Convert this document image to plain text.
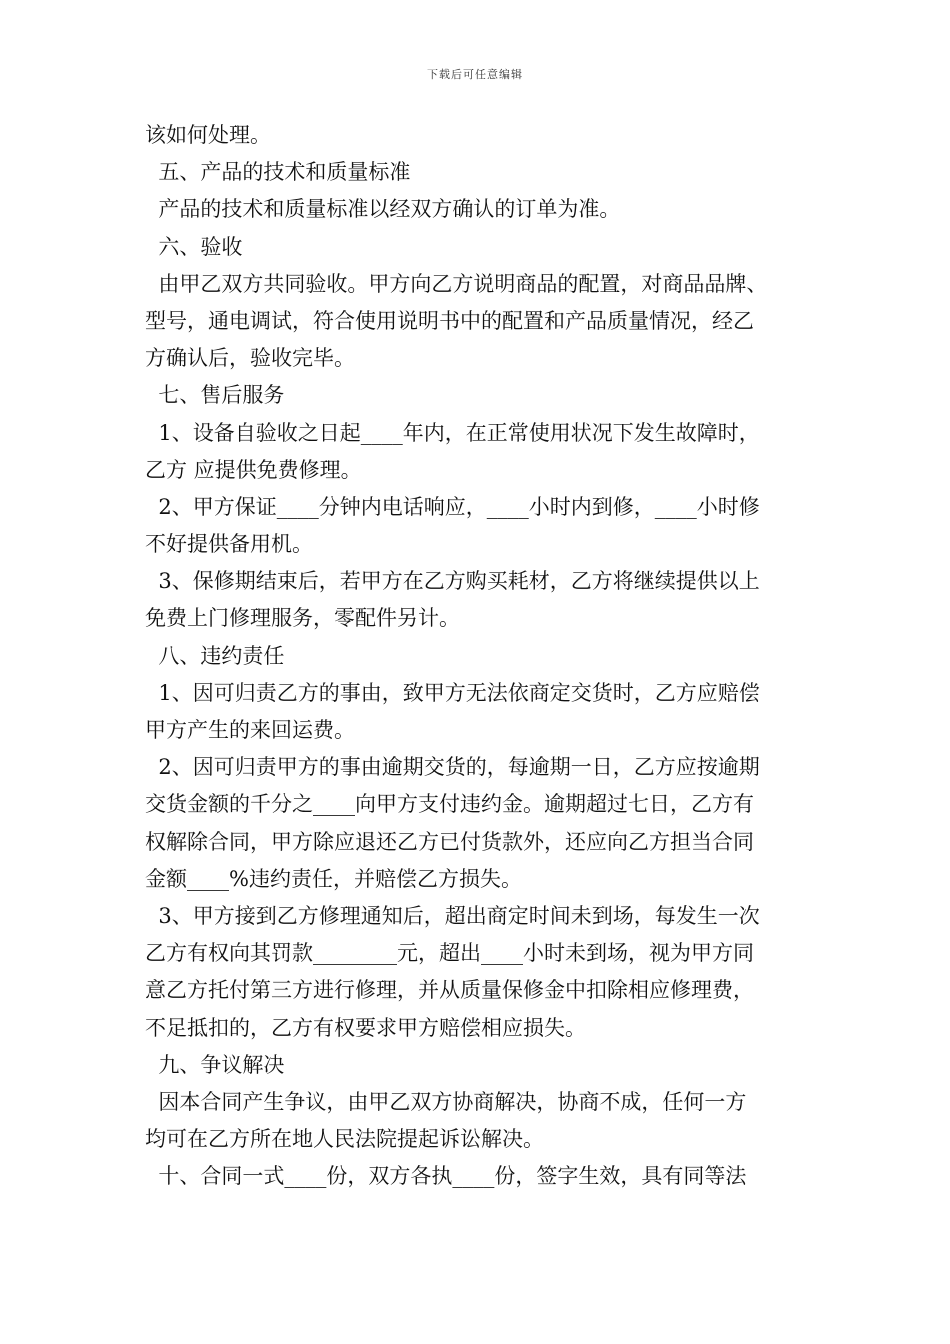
下载后可任意编辑
该如何处理。
五、产品的技术和质量标准
产品的技术和质量标准以经双方确认的订单为准。
六、验收
由甲乙双方共同验收。甲方向乙方说明商品的配置，对商品品牌、
型号，通电调试，符合使用说明书中的配置和产品质量情况，经乙
方确认后，验收完毕。
七、售后服务
1、设备自验收之日起____年内，在正常使用状况下发生故障时，
乙方 应提供免费修理。
2、甲方保证____分钟内电话响应，____小时内到修，____小时修
不好提供备用机。
3、保修期结束后，若甲方在乙方购买耗材，乙方将继续提供以上
免费上门修理服务，零配件另计。
八、违约责任
1、因可归责乙方的事由，致甲方无法依商定交货时，乙方应赔偿
甲方产生的来回运费。
2、因可归责甲方的事由逾期交货的，每逾期一日，乙方应按逾期
交货金额的千分之____向甲方支付违约金。逾期超过七日，乙方有
权解除合同，甲方除应退还乙方已付货款外，还应向乙方担当合同
金额____%违约责任，并赔偿乙方损失。
3、甲方接到乙方修理通知后，超出商定时间未到场，每发生一次
乙方有权向其罚款________元，超出____小时未到场，视为甲方同
意乙方托付第三方进行修理，并从质量保修金中扣除相应修理费，
不足抵扣的，乙方有权要求甲方赔偿相应损失。
九、争议解决
因本合同产生争议，由甲乙双方协商解决，协商不成，任何一方
均可在乙方所在地人民法院提起诉讼解决。
十、合同一式____份，双方各执____份，签字生效，具有同等法
